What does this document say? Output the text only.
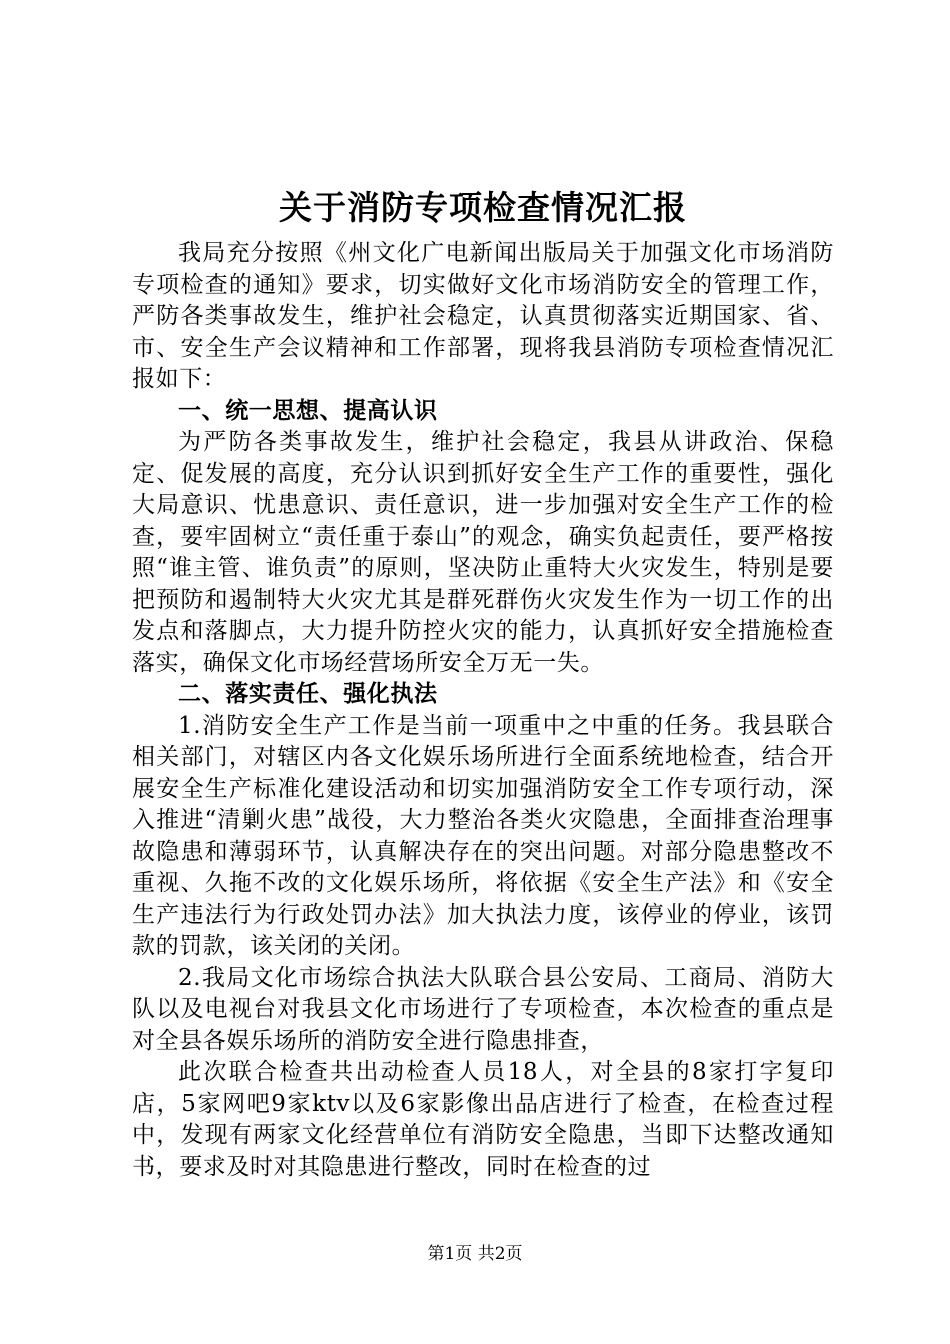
关于消防专项检查情况汇报

我局充分按照《州文化广电新闻出版局关于加强文化市场消防专项检查的通知》要求，切实做好文化市场消防安全的管理工作，严防各类事故发生，维护社会稳定，认真贯彻落实近期国家、省、市、安全生产会议精神和工作部署，现将我县消防专项检查情况汇报如下：

一、统一思想、提高认识

为严防各类事故发生，维护社会稳定，我县从讲政治、保稳定、促发展的高度，充分认识到抓好安全生产工作的重要性，强化大局意识、忧患意识、责任意识，进一步加强对安全生产工作的检查，要牢固树立“责任重于泰山”的观念，确实负起责任，要严格按照“谁主管、谁负责”的原则，坚决防止重特大火灾发生，特别是要把预防和遏制特大火灾尤其是群死群伤火灾发生作为一切工作的出发点和落脚点，大力提升防控火灾的能力，认真抓好安全措施检查落实，确保文化市场经营场所安全万无一失。

二、落实责任、强化执法

1.消防安全生产工作是当前一项重中之中重的任务。我县联合相关部门，对辖区内各文化娱乐场所进行全面系统地检查，结合开展安全生产标准化建设活动和切实加强消防安全工作专项行动，深入推进“清剿火患”战役，大力整治各类火灾隐患，全面排查治理事故隐患和薄弱环节，认真解决存在的突出问题。对部分隐患整改不重视、久拖不改的文化娱乐场所，将依据《安全生产法》和《安全生产违法行为行政处罚办法》加大执法力度，该停业的停业，该罚款的罚款，该关闭的关闭。

2.我局文化市场综合执法大队联合县公安局、工商局、消防大队以及电视台对我县文化市场进行了专项检查，本次检查的重点是对全县各娱乐场所的消防安全进行隐患排查，

此次联合检查共出动检查人员18人，对全县的8家打字复印店，5家网吧9家ktv以及6家影像出品店进行了检查，在检查过程中，发现有两家文化经营单位有消防安全隐患，当即下达整改通知书，要求及时对其隐患进行整改，同时在检查的过

第1页 共2页
